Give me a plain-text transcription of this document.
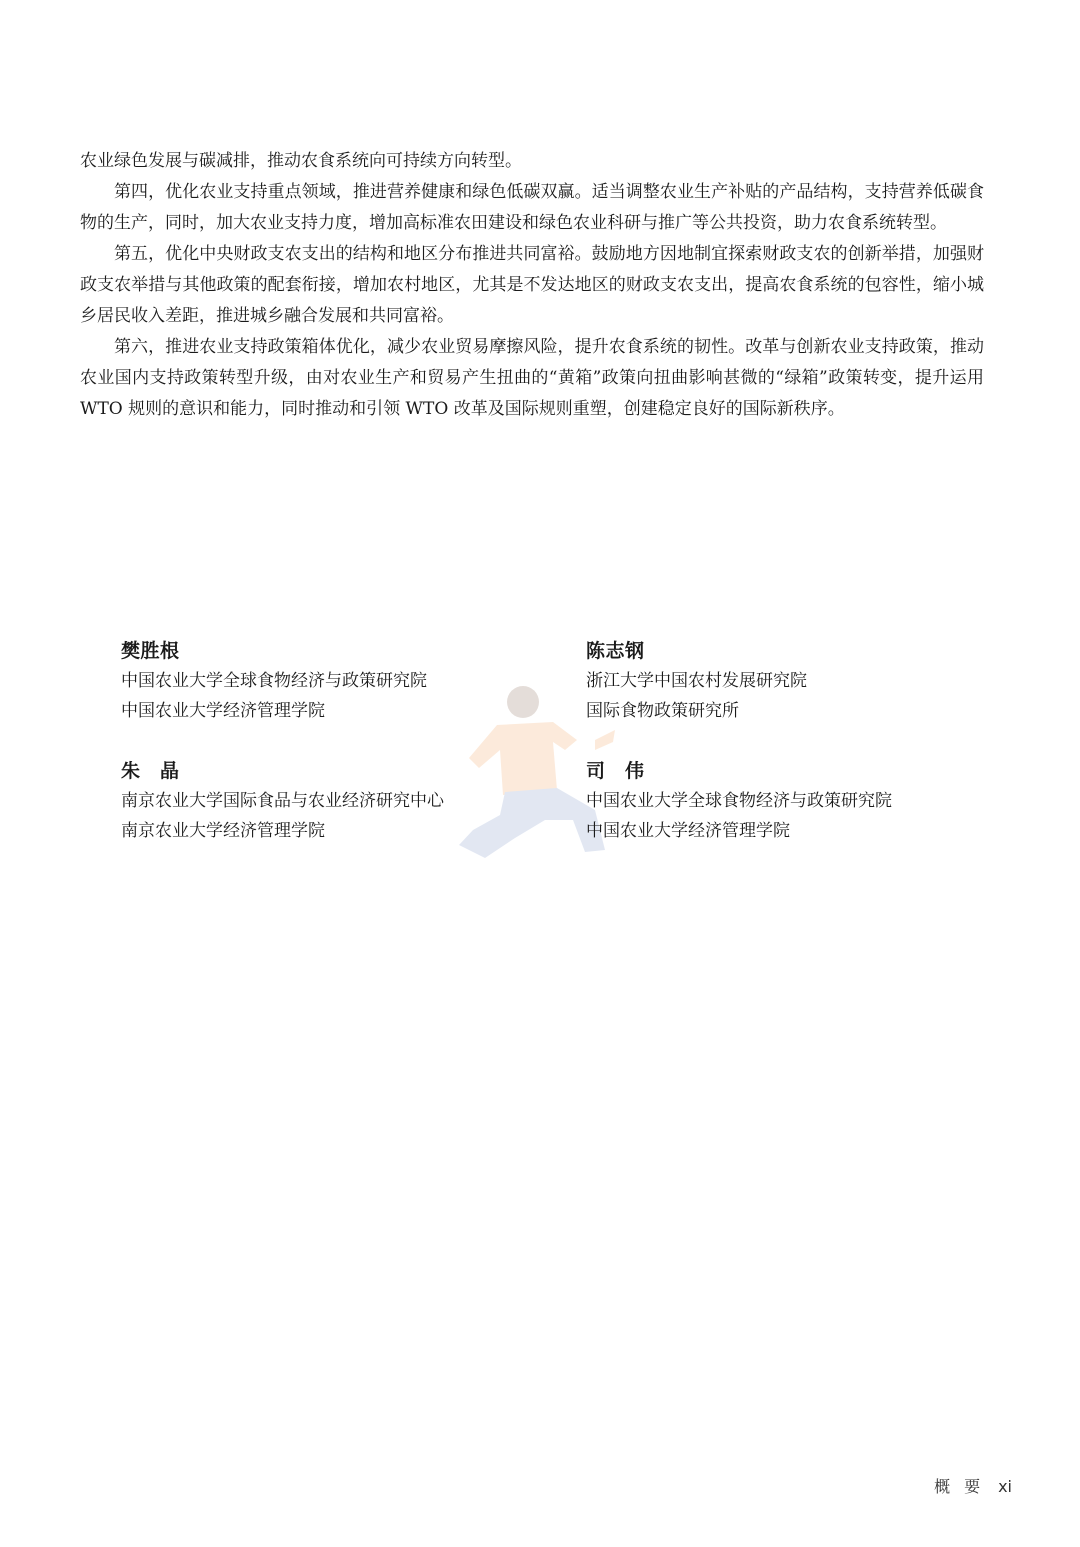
农业绿色发展与碳减排，推动农食系统向可持续方向转型。

第四，优化农业支持重点领域，推进营养健康和绿色低碳双赢。适当调整农业生产补贴的产品结构，支持营养低碳食物的生产，同时，加大农业支持力度，增加高标准农田建设和绿色农业科研与推广等公共投资，助力农食系统转型。

第五，优化中央财政支农支出的结构和地区分布推进共同富裕。鼓励地方因地制宜探索财政支农的创新举措，加强财政支农举措与其他政策的配套衔接，增加农村地区，尤其是不发达地区的财政支农支出，提高农食系统的包容性，缩小城乡居民收入差距，推进城乡融合发展和共同富裕。

第六，推进农业支持政策箱体优化，减少农业贸易摩擦风险，提升农食系统的韧性。改革与创新农业支持政策，推动农业国内支持政策转型升级，由对农业生产和贸易产生扭曲的“黄箱”政策向扭曲影响甚微的“绿箱”政策转变，提升运用 WTO 规则的意识和能力，同时推动和引领 WTO 改革及国际规则重塑，创建稳定良好的国际新秩序。

樊胜根
中国农业大学全球食物经济与政策研究院
中国农业大学经济管理学院
陈志钢
浙江大学中国农村发展研究院
国际食物政策研究所
朱　晶
南京农业大学国际食品与农业经济研究中心
南京农业大学经济管理学院
司　伟
中国农业大学全球食物经济与政策研究院
中国农业大学经济管理学院
概要 xi
